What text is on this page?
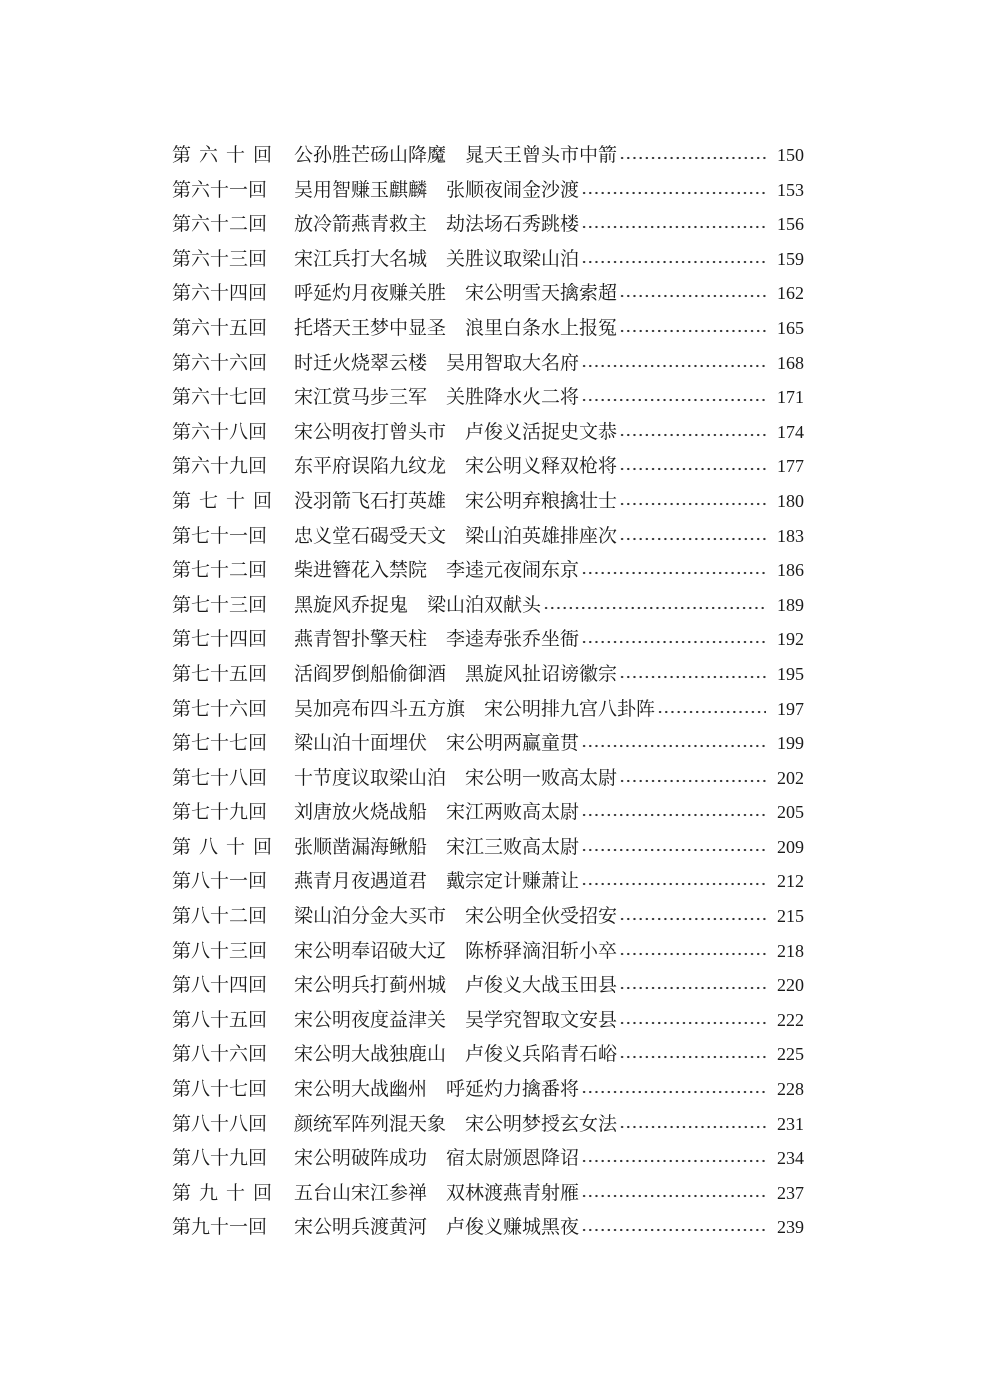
第 六 十 回 公孙胜芒砀山降魔 晁天王曾头市中箭	150
第六十一回 吴用智赚玉麒麟 张顺夜闹金沙渡	153
第六十二回 放冷箭燕青救主 劫法场石秀跳楼	156
第六十三回 宋江兵打大名城 关胜议取梁山泊	159
第六十四回 呼延灼月夜赚关胜 宋公明雪天擒索超	162
第六十五回 托塔天王梦中显圣 浪里白条水上报冤	165
第六十六回 时迁火烧翠云楼 吴用智取大名府	168
第六十七回 宋江赏马步三军 关胜降水火二将	171
第六十八回 宋公明夜打曾头市 卢俊义活捉史文恭	174
第六十九回 东平府误陷九纹龙 宋公明义释双枪将	177
第 七 十 回 没羽箭飞石打英雄 宋公明弃粮擒壮士	180
第七十一回 忠义堂石碣受天文 梁山泊英雄排座次	183
第七十二回 柴进簪花入禁院 李逵元夜闹东京	186
第七十三回 黑旋风乔捉鬼 梁山泊双献头	189
第七十四回 燕青智扑擎天柱 李逵寿张乔坐衙	192
第七十五回 活阎罗倒船偷御酒 黑旋风扯诏谤徽宗	195
第七十六回 吴加亮布四斗五方旗 宋公明排九宫八卦阵	197
第七十七回 梁山泊十面埋伏 宋公明两赢童贯	199
第七十八回 十节度议取梁山泊 宋公明一败高太尉	202
第七十九回 刘唐放火烧战船 宋江两败高太尉	205
第 八 十 回 张顺凿漏海鳅船 宋江三败高太尉	209
第八十一回 燕青月夜遇道君 戴宗定计赚萧让	212
第八十二回 梁山泊分金大买市 宋公明全伙受招安	215
第八十三回 宋公明奉诏破大辽 陈桥驿滴泪斩小卒	218
第八十四回 宋公明兵打蓟州城 卢俊义大战玉田县	220
第八十五回 宋公明夜度益津关 吴学究智取文安县	222
第八十六回 宋公明大战独鹿山 卢俊义兵陷青石峪	225
第八十七回 宋公明大战幽州 呼延灼力擒番将	228
第八十八回 颜统军阵列混天象 宋公明梦授玄女法	231
第八十九回 宋公明破阵成功 宿太尉颁恩降诏	234
第 九 十 回 五台山宋江参禅 双林渡燕青射雁	237
第九十一回 宋公明兵渡黄河 卢俊义赚城黑夜	239
